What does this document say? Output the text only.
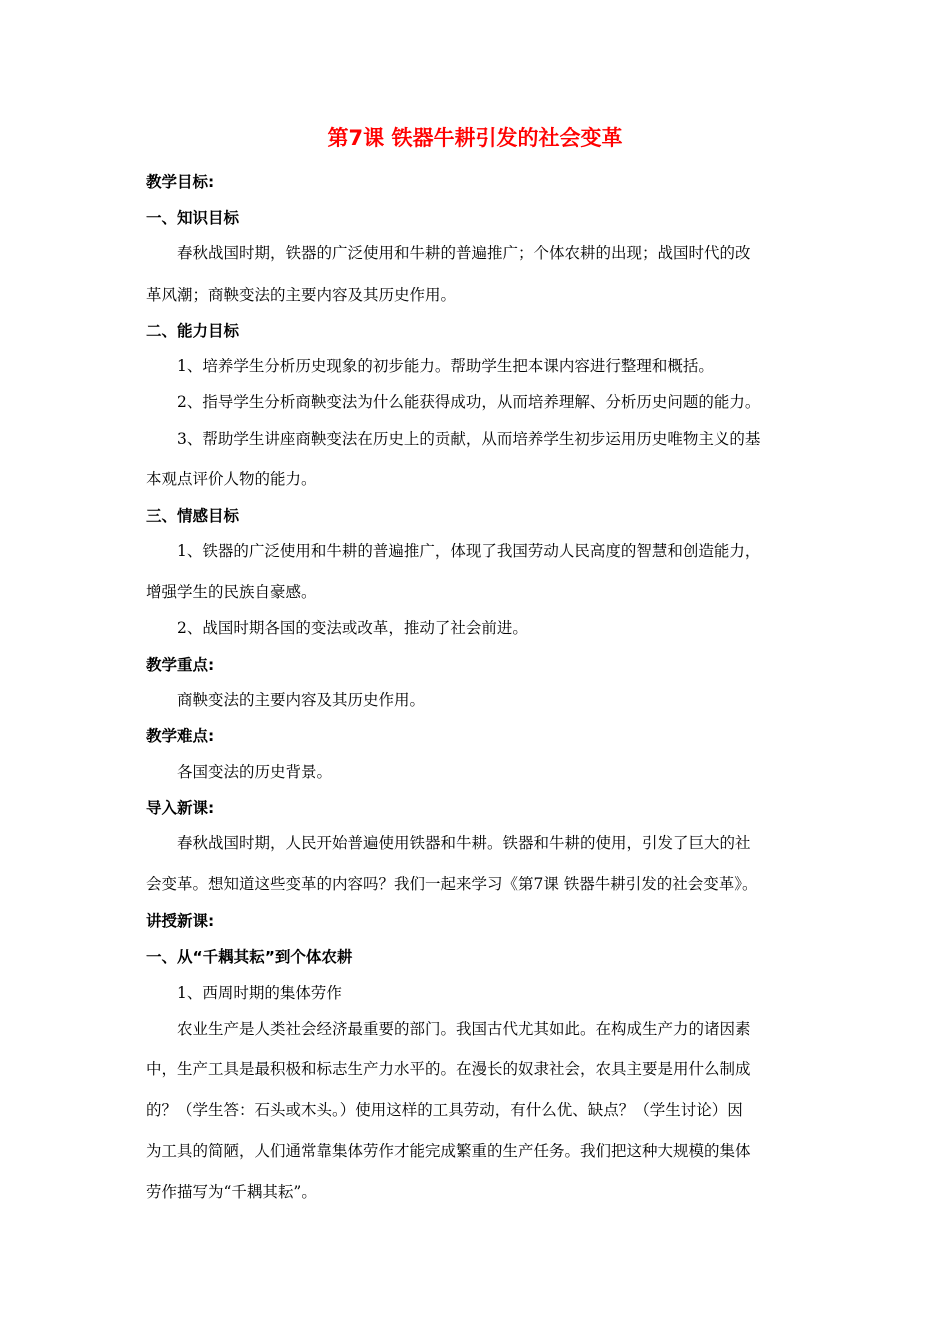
第7课 铁器牛耕引发的社会变革
教学目标:
一、知识目标
春秋战国时期，铁器的广泛使用和牛耕的普遍推广；个体农耕的出现；战国时代的改
革风潮；商鞅变法的主要内容及其历史作用。
二、能力目标
1、培养学生分析历史现象的初步能力。帮助学生把本课内容进行整理和概括。
2、指导学生分析商鞅变法为什么能获得成功，从而培养理解、分析历史问题的能力。
3、帮助学生讲座商鞅变法在历史上的贡献，从而培养学生初步运用历史唯物主义的基
本观点评价人物的能力。
三、情感目标
1、铁器的广泛使用和牛耕的普遍推广，体现了我国劳动人民高度的智慧和创造能力，
增强学生的民族自豪感。
2、战国时期各国的变法或改革，推动了社会前进。
教学重点:
商鞅变法的主要内容及其历史作用。
教学难点:
各国变法的历史背景。
导入新课:
春秋战国时期，人民开始普遍使用铁器和牛耕。铁器和牛耕的使用，引发了巨大的社
会变革。想知道这些变革的内容吗？我们一起来学习《第7课 铁器牛耕引发的社会变革》。
讲授新课:
一、从“千耦其耘”到个体农耕
1、西周时期的集体劳作
农业生产是人类社会经济最重要的部门。我国古代尤其如此。在构成生产力的诸因素
中，生产工具是最积极和标志生产力水平的。在漫长的奴隶社会，农具主要是用什么制成
的？（学生答：石头或木头。）使用这样的工具劳动，有什么优、缺点？（学生讨论）因
为工具的简陋，人们通常靠集体劳作才能完成繁重的生产任务。我们把这种大规模的集体
劳作描写为“千耦其耘”。
